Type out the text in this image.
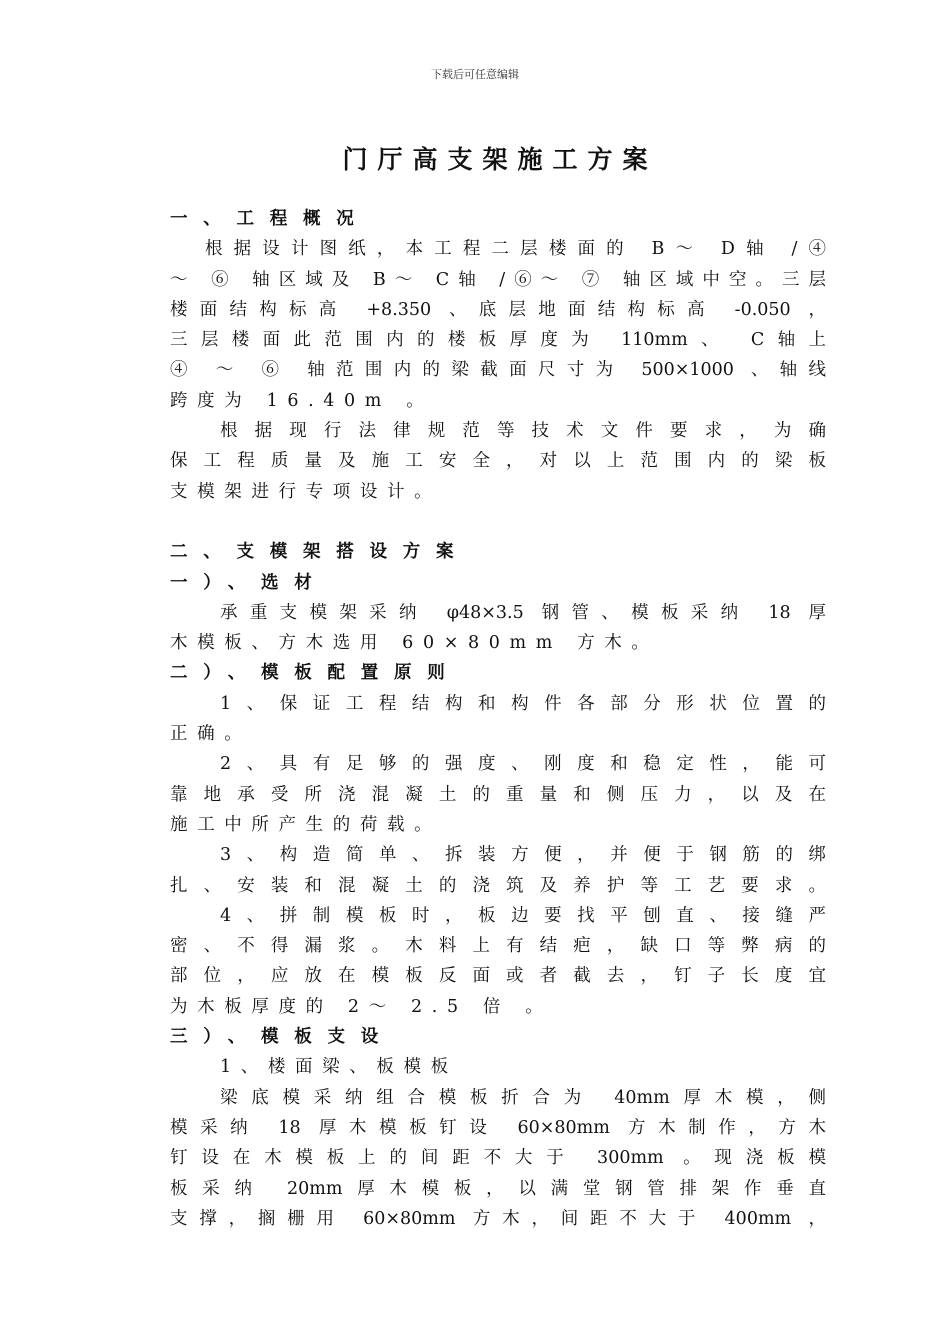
下载后可任意编辑
门厅高支架施工方案
一、工程概况
根据设计图纸，本工程二层楼面的 B～ D轴 /④
～ ⑥ 轴区域及 B～ C轴 /⑥～ ⑦ 轴区域中空。三层
楼面结构标高 +8.350 、底层地面结构标高 -0.050 ，
三层楼面此范围内的楼板厚度为 110mm、 C轴上
④ ～ ⑥ 轴范围内的梁截面尺寸为 500×1000 、轴线
跨度为 16.40m 。
根据现行法律规范等技术文件要求，为确
保工程质量及施工安全，对以上范围内的梁板
支模架进行专项设计。
二、支模架搭设方案
一）、选材
承重支模架采纳 φ48×3.5 钢管、模板采纳 18 厚
木模板、方木选用 60×80mm 方木。
二）、模板配置原则
1、保证工程结构和构件各部分形状位置的
正确。
2、具有足够的强度、刚度和稳定性，能可
靠地承受所浇混凝土的重量和侧压力，以及在
施工中所产生的荷载。
3、构造简单、拆装方便，并便于钢筋的绑
扎、安装和混凝土的浇筑及养护等工艺要求。
4、拼制模板时，板边要找平刨直、接缝严
密、不得漏浆。木料上有结疤，缺口等弊病的
部位，应放在模板反面或者截去，钉子长度宜
为木板厚度的 2～ 2.5 倍 。
三）、模板支设
1、楼面梁、板模板
梁底模采纳组合模板折合为 40mm厚木模，侧
模采纳 18 厚木模板钉设 60×80mm 方木制作，方木
钉设在木模板上的间距不大于 300mm 。现浇板模
板采纳 20mm厚木模板，以满堂钢管排架作垂直
支撑，搁栅用 60×80mm 方木，间距不大于 400mm ，
